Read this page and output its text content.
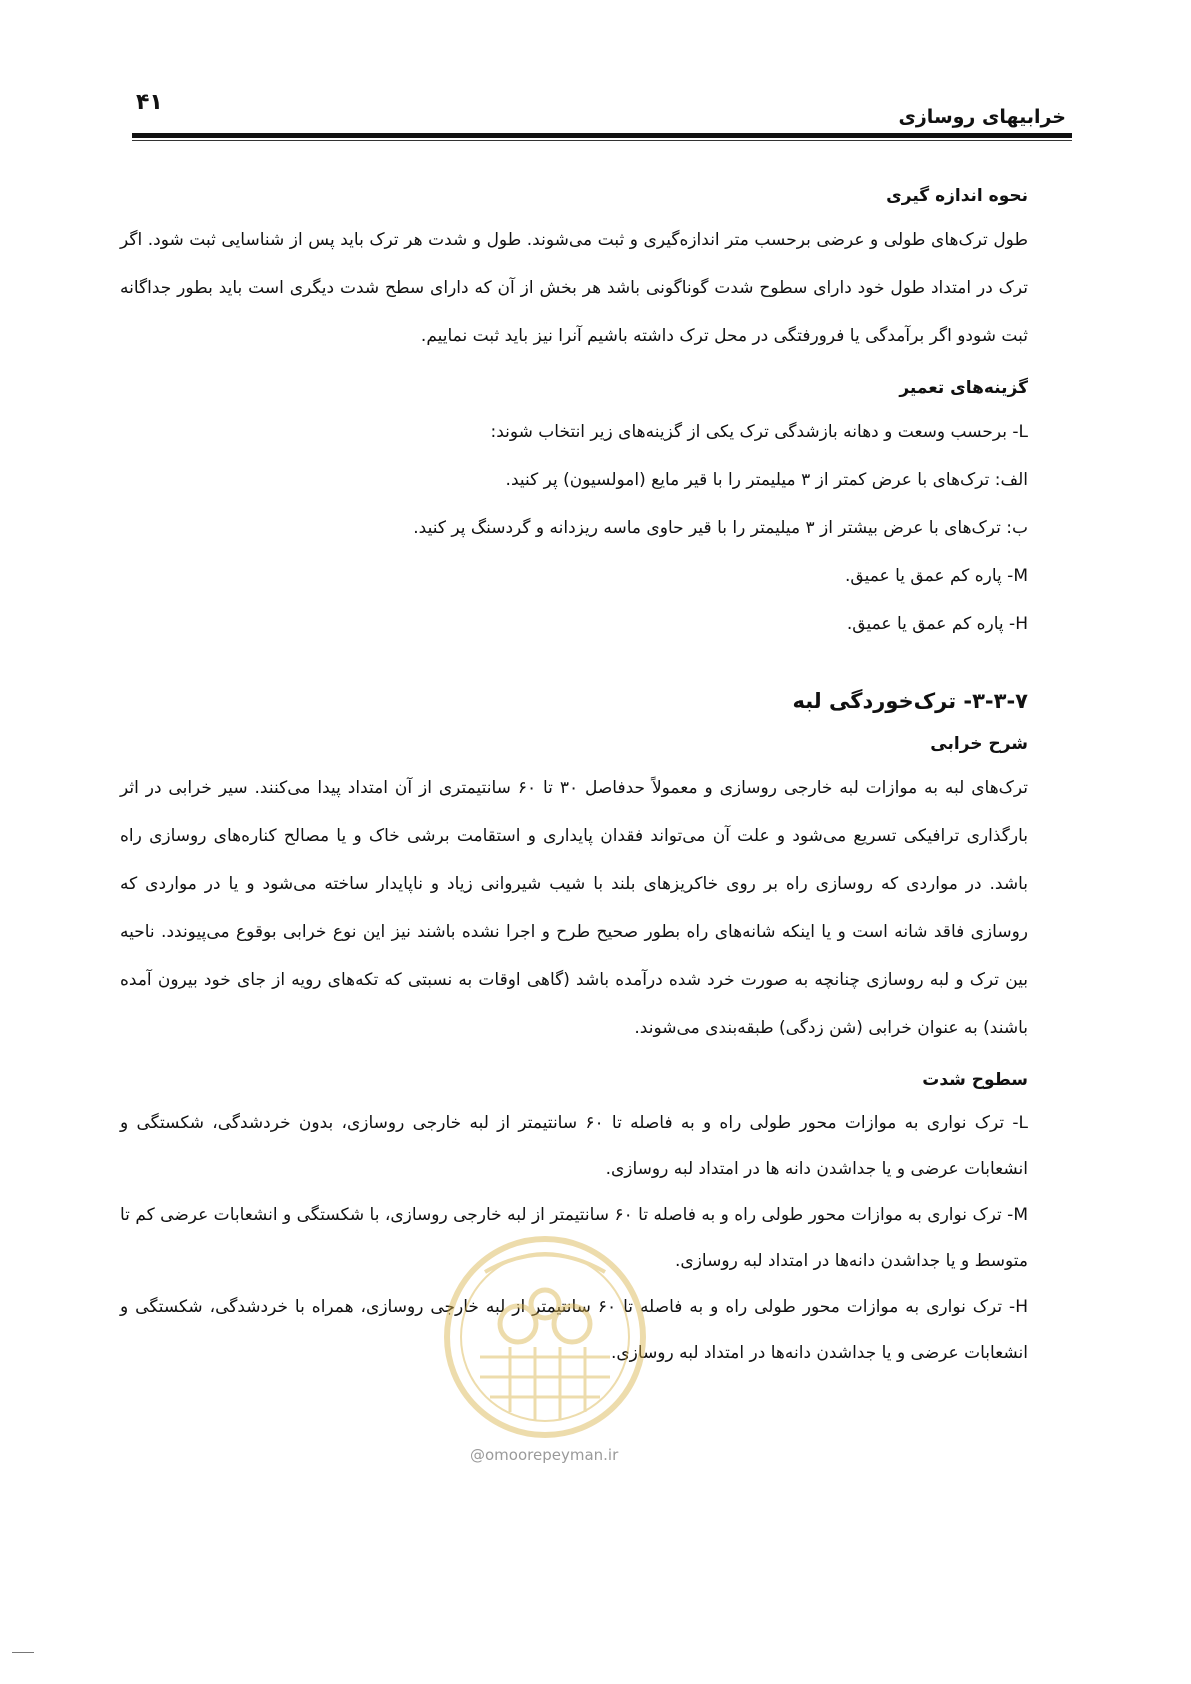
۴۱
خرابیهای روسازی
نحوه اندازه گیری

طول ترک‌های طولی و عرضی برحسب متر اندازه‌گیری و ثبت می‌شوند. طول و شدت هر ترک باید پس از شناسایی ثبت شود. اگر ترک در امتداد طول خود دارای سطوح شدت گوناگونی باشد هر بخش از آن که دارای سطح شدت دیگری است باید بطور جداگانه ثبت شودو اگر برآمدگی یا فرورفتگی در محل ترک داشته باشیم آنرا نیز باید ثبت نماییم.

گزینه‌های تعمیر

L- برحسب وسعت و دهانه بازشدگی ترک یکی از گزینه‌های زیر انتخاب شوند:

الف: ترک‌های با عرض کمتر از ۳ میلیمتر را با قیر مایع (امولسیون) پر کنید.

ب: ترک‌های با عرض بیشتر از ۳ میلیمتر را با قیر حاوی ماسه ریزدانه و گردسنگ پر کنید.

M- پاره کم عمق یا عمیق.

H- پاره کم عمق یا عمیق.

۳-۳-۷- ترک‌خوردگی لبه
شرح خرابی

ترک‌های لبه به موازات لبه خارجی روسازی و معمولاً حدفاصل ۳۰ تا ۶۰ سانتیمتری از آن امتداد پیدا می‌کنند. سیر خرابی در اثر بارگذاری ترافیکی تسریع می‌شود و علت آن می‌تواند فقدان پایداری و استقامت برشی خاک و یا مصالح کناره‌های روسازی راه باشد. در مواردی که روسازی راه بر روی خاکریزهای بلند با شیب شیروانی زیاد و ناپایدار ساخته می‌شود و یا در مواردی که روسازی فاقد شانه است و یا اینکه شانه‌های راه بطور صحیح طرح و اجرا نشده باشند نیز این نوع خرابی بوقوع می‌پیوندد. ناحیه بین ترک و لبه روسازی چنانچه به صورت خرد شده درآمده باشد (گاهی اوقات به نسبتی که تکه‌های رویه از جای خود بیرون آمده باشند) به عنوان خرابی (شن زدگی) طبقه‌بندی می‌شوند.

سطوح شدت

L- ترک نواری به موازات محور طولی راه و به فاصله تا ۶۰ سانتیمتر از لبه خارجی روسازی، بدون خردشدگی، شکستگی و انشعابات عرضی و یا جداشدن دانه ها در امتداد لبه روسازی.

M- ترک نواری به موازات محور طولی راه و به فاصله تا ۶۰ سانتیمتر از لبه خارجی روسازی، با شکستگی و انشعابات عرضی کم تا متوسط و یا جداشدن دانه‌ها در امتداد لبه روسازی.

H- ترک نواری به موازات محور طولی راه و به فاصله تا ۶۰ سانتیمتر از لبه خارجی روسازی، همراه با خردشدگی، شکستگی و انشعابات عرضی و یا جداشدن دانه‌ها در امتداد لبه روسازی.

@omoorepeyman.ir
